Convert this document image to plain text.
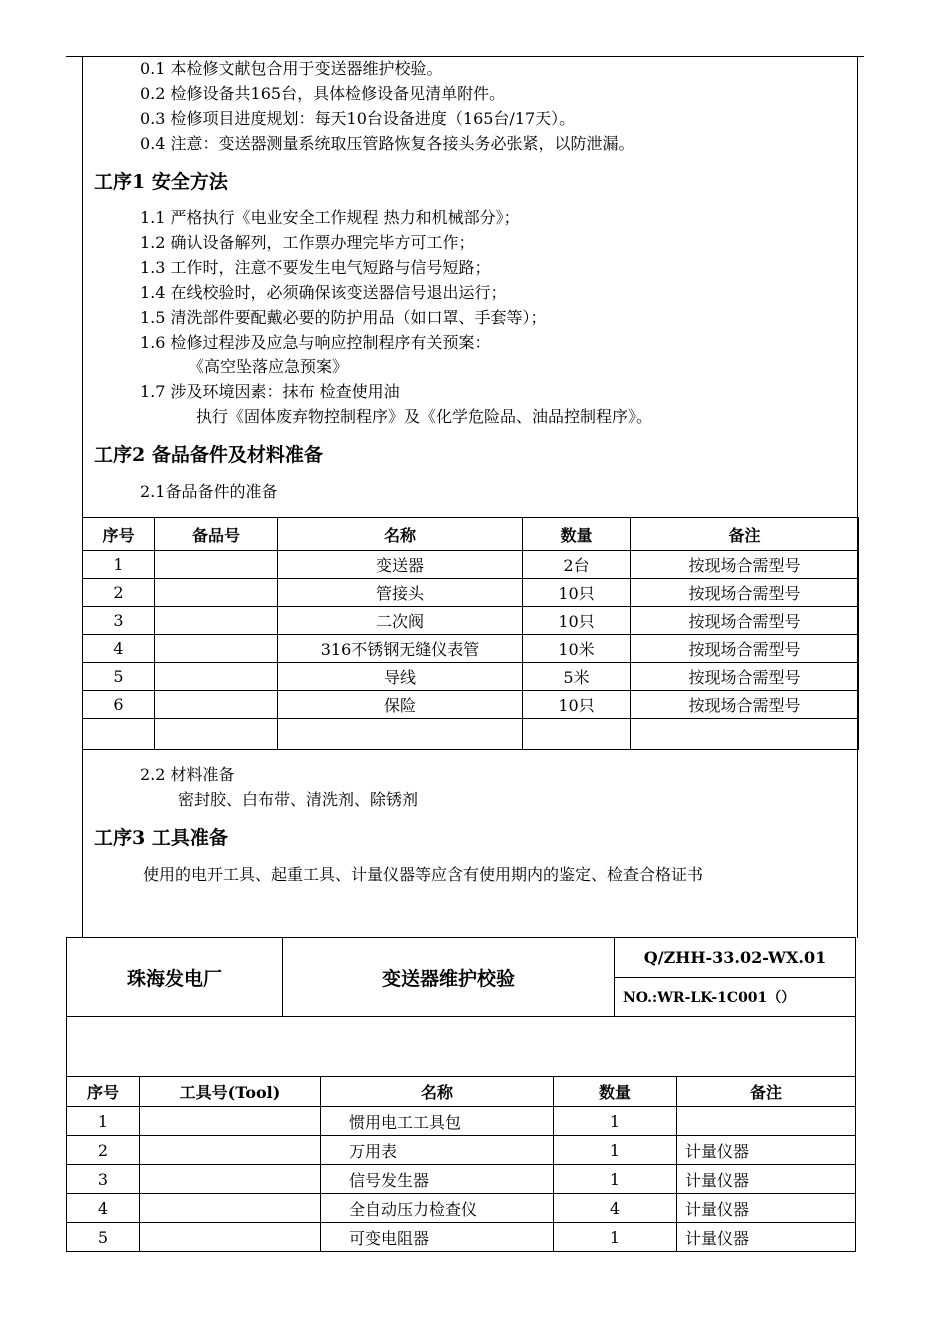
0.1 本检修文献包合用于变送器维护校验。
0.2 检修设备共165台，具体检修设备见清单附件。
0.3 检修项目进度规划：每天10台设备进度（165台/17天）。
0.4 注意：变送器测量系统取压管路恢复各接头务必张紧，以防泄漏。
工序1 安全方法
1.1 严格执行《电业安全工作规程 热力和机械部分》；
1.2 确认设备解列，工作票办理完毕方可工作；
1.3 工作时，注意不要发生电气短路与信号短路；
1.4 在线校验时，必须确保该变送器信号退出运行；
1.5 清洗部件要配戴必要的防护用品（如口罩、手套等）；
1.6 检修过程涉及应急与响应控制程序有关预案：
《高空坠落应急预案》
1.7 涉及环境因素：抹布 检查使用油
执行《固体废弃物控制程序》及《化学危险品、油品控制程序》。
工序2 备品备件及材料准备
2.1备品备件的准备
序号	备品号	名称	数量	备注
1		变送器	2台	按现场合需型号
2		管接头	10只	按现场合需型号
3		二次阀	10只	按现场合需型号
4		316不锈钢无缝仪表管	10米	按现场合需型号
5		导线	5米	按现场合需型号
6		保险	10只	按现场合需型号

2.2 材料准备
密封胶、白布带、清洗剂、除锈剂
工序3 工具准备
使用的电开工具、起重工具、计量仪器等应含有使用期内的鉴定、检查合格证书
珠海发电厂	变送器维护校验	Q/ZHH-33.02-WX.01
NO.:WR-LK-1C001（）

序号	工具号(Tool)	名称	数量	备注
1		惯用电工工具包	1	
2		万用表	1	计量仪器
3		信号发生器	1	计量仪器
4		全自动压力检查仪	4	计量仪器
5		可变电阻器	1	计量仪器
